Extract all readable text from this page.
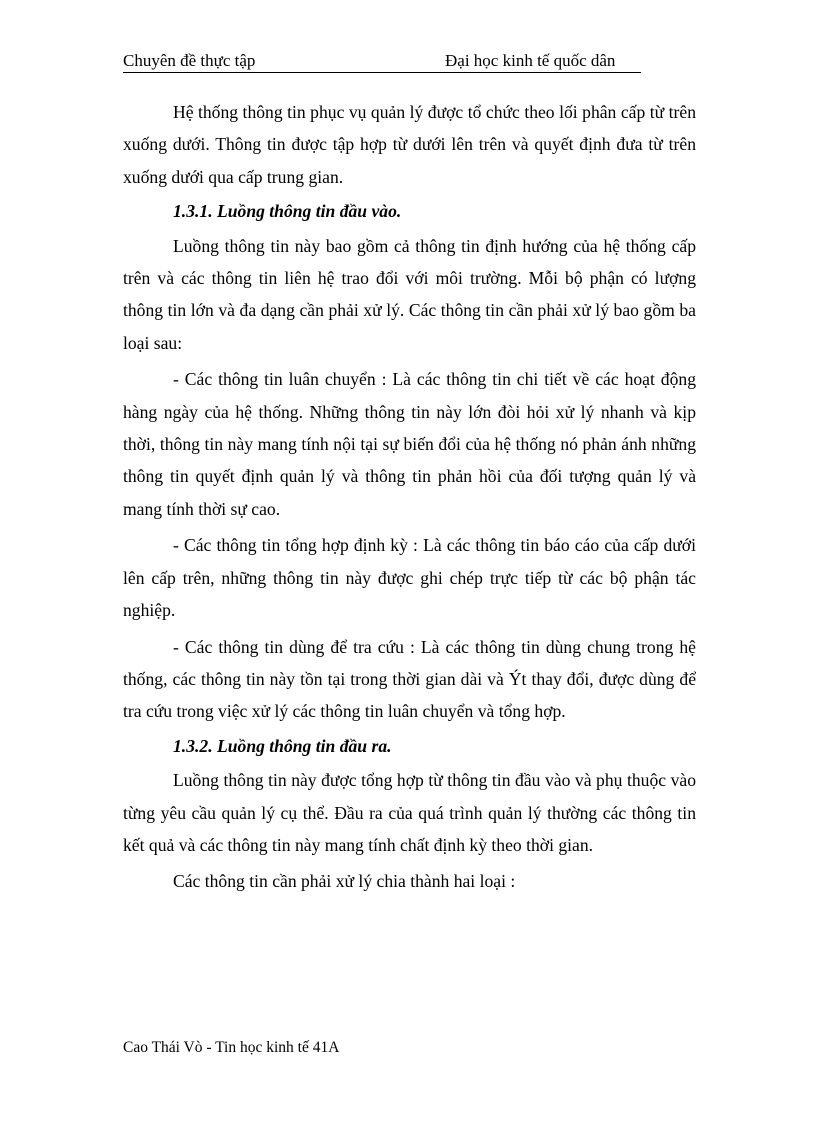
Chuyên đề thực tập	Đại học kinh tế quốc dân

Hệ thống thông tin phục vụ quản lý được tổ chức theo lối phân cấp từ trên xuống dưới. Thông tin được tập hợp từ dưới lên trên và quyết định đưa từ trên xuống dưới qua cấp trung gian.

1.3.1. Luồng thông tin đầu vào.

Luồng thông tin này bao gồm cả thông tin định hướng của hệ thống cấp trên và các thông tin liên hệ trao đổi với môi trường. Mỗi bộ phận có lượng thông tin lớn và đa dạng cần phải xử lý. Các thông tin cần phải xử lý bao gồm ba loại sau:

- Các thông tin luân chuyển : Là các thông tin chi tiết về các hoạt động hàng ngày của hệ thống. Những thông tin này lớn đòi hỏi xử lý nhanh và kịp thời, thông tin này mang tính nội tại sự biến đổi của hệ thống nó phản ánh những thông tin quyết định quản lý và thông tin phản hồi của đối tượng quản lý và mang tính thời sự cao.

- Các thông tin tổng hợp định kỳ : Là các thông tin báo cáo của cấp dưới lên cấp trên, những thông tin này được ghi chép trực tiếp từ các bộ phận tác nghiệp.

- Các thông tin dùng để tra cứu : Là các thông tin dùng chung trong hệ thống, các thông tin này tồn tại trong thời gian dài và Ýt thay đổi, được dùng để tra cứu trong việc xử lý các thông tin luân chuyển và tổng hợp.

1.3.2. Luồng thông tin đầu ra.

Luồng thông tin này được tổng hợp từ thông tin đầu vào và phụ thuộc vào từng yêu cầu quản lý cụ thể. Đầu ra của quá trình quản lý thường các thông tin kết quả và các thông tin này mang tính chất định kỳ theo thời gian.

Các thông tin cần phải xử lý chia thành hai loại :

Cao Thái Vò - Tin học kinh tế 41A
